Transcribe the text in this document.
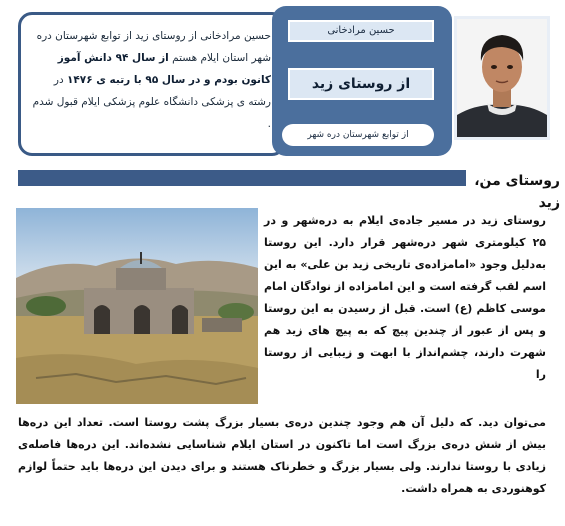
حسین مرادخانی از روستای زید از توابع شهرستان دره شهر استان ایلام هستم از سال ۹۴ دانش آموز کانون بودم و در سال ۹۵ با رتبه ی ۱۴۷۶ در رشته ی پزشکی دانشگاه علوم پزشکی ایلام قبول شدم .
حسین مرادخانی
از روستای زید
از توابع شهرستان دره شهر
روستای من، زید
روستای زید در مسیر جاده‌ی ایلام به دره‌شهر و در ۲۵ کیلومتری شهر دره‌شهر قرار دارد. این روستا به‌دلیل وجود «امامزاده‌ی تاریخی زید بن علی» به این اسم لقب گرفته است و این امامزاده از نوادگان امام موسی کاظم (ع) است. قبل از رسیدن به این روستا و پس از عبور از چندین پیچ که به پیچ های زید هم شهرت دارند، چشم‌انداز با ابهت و زیبایی از روستا را
می‌توان دید. که دلیل آن هم وجود چندین دره‌ی بسیار بزرگ پشت روستا است. تعداد این دره‌ها بیش از شش دره‌ی بزرگ است اما تاکنون در استان ایلام شناسایی نشده‌اند. این دره‌ها فاصله‌ی زیادی با روستا ندارند. ولی بسیار بزرگ و خطرناک هستند و برای دیدن این دره‌ها باید حتماً لوازم کوهنوردی به همراه داشت.
